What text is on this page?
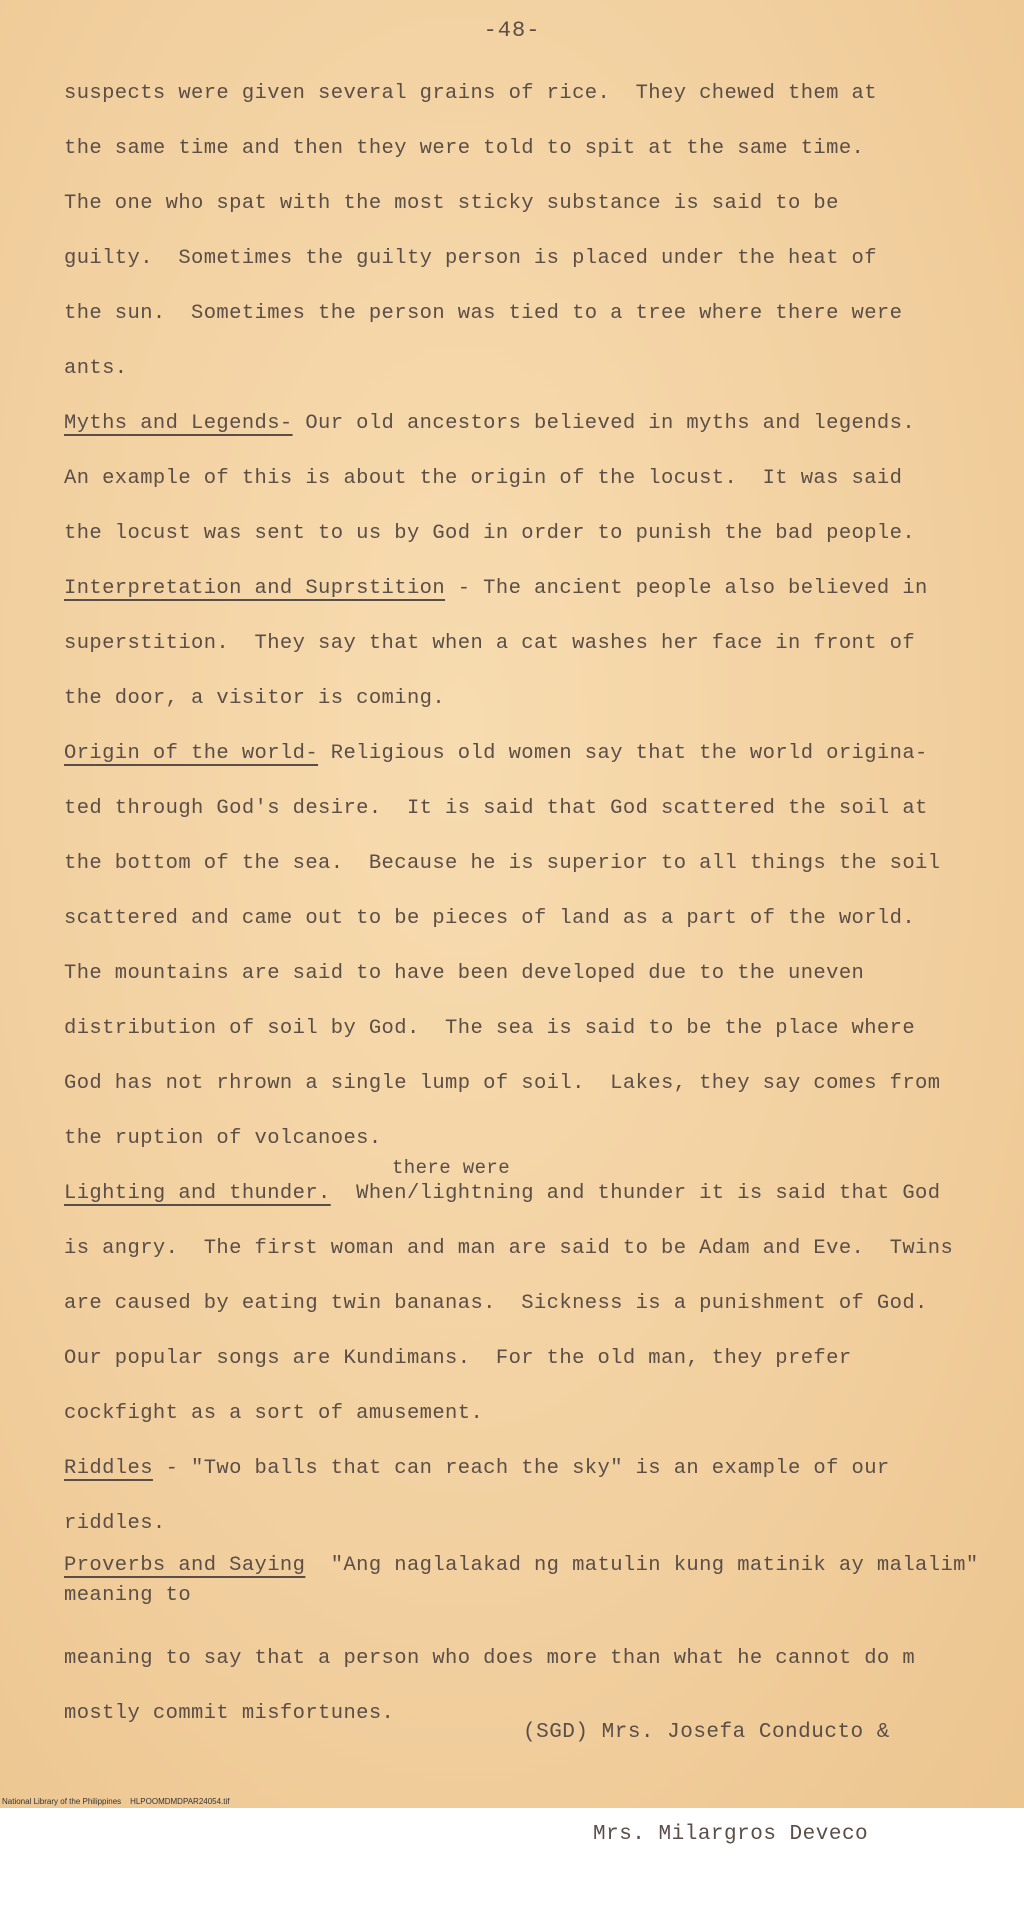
-48-
suspects were given several grains of rice.  They chewed them at
the same time and then they were told to spit at the same time.
The one who spat with the most sticky substance is said to be
guilty.  Sometimes the guilty person is placed under the heat of
the sun.  Sometimes the person was tied to a tree where there were
ants.
Myths and Legends- Our old ancestors believed in myths and legends.
An example of this is about the origin of the locust.  It was said
the locust was sent to us by God in order to punish the bad people.
Interpretation and Suprstition - The ancient people also believed in
superstition.  They say that when a cat washes her face in front of
the door, a visitor is coming.
Origin of the world- Religious old women say that the world origina-
ted through God's desire.  It is said that God scattered the soil at
the bottom of the sea.  Because he is superior to all things the soil
scattered and came out to be pieces of land as a part of the world.
The mountains are said to have been developed due to the uneven
distribution of soil by God.  The sea is said to be the place where
God has not rhrown a single lump of soil.  Lakes, they say comes from
the ruption of volcanoes.
there were
Lighting and thunder.  When/lightning and thunder it is said that God
is angry.  The first woman and man are said to be Adam and Eve.  Twins
are caused by eating twin bananas.  Sickness is a punishment of God.
Our popular songs are Kundimans.  For the old man, they prefer
cockfight as a sort of amusement.
Riddles - "Two balls that can reach the sky" is an example of our
riddles.
Proverbs and Saying  "Ang naglalakad ng matulin kung matinik ay malalim"
meaning to
meaning to say that a person who does more than what he cannot do m
mostly commit misfortunes.

(SGD) Mrs. Josefa Conducto &

Mrs. Milargros Deveco

National Library of the Philippines    HLPOOMDMDPAR24054.tif
